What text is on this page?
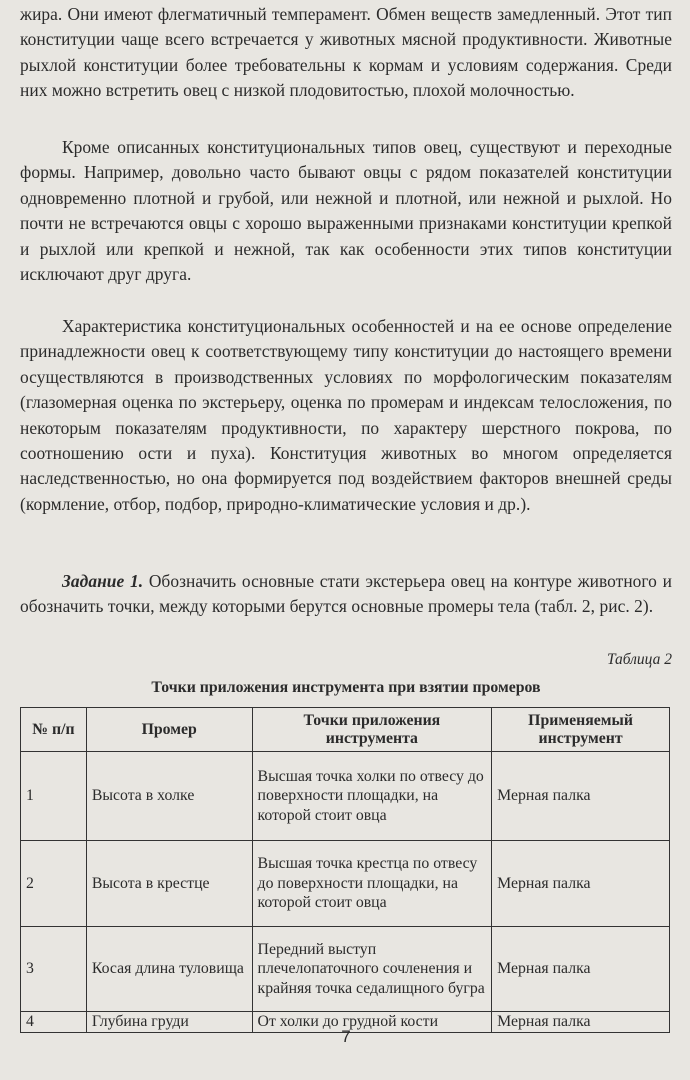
жира. Они имеют флегматичный темперамент. Обмен веществ замедленный. Этот тип конституции чаще всего встречается у животных мясной продуктивности. Животные рыхлой конституции более требовательны к кормам и условиям содержания. Среди них можно встретить овец с низкой плодовитостью, плохой молочностью.

Кроме описанных конституциональных типов овец, существуют и переходные формы. Например, довольно часто бывают овцы с рядом показателей конституции одновременно плотной и грубой, или нежной и плотной, или нежной и рыхлой. Но почти не встречаются овцы с хорошо выраженными признаками конституции крепкой и рыхлой или крепкой и нежной, так как особенности этих типов конституции исключают друг друга.

Характеристика конституциональных особенностей и на ее основе определение принадлежности овец к соответствующему типу конституции до настоящего времени осуществляются в производственных условиях по морфологическим показателям (глазомерная оценка по экстерьеру, оценка по промерам и индексам телосложения, по некоторым показателям продуктивности, по характеру шерстного покрова, по соотношению ости и пуха). Конституция животных во многом определяется наследственностью, но она формируется под воздействием факторов внешней среды (кормление, отбор, подбор, природно-климатические условия и др.).

Задание 1. Обозначить основные стати экстерьера овец на контуре животного и обозначить точки, между которыми берутся основные промеры тела (табл. 2, рис. 2).

Таблица 2

Точки приложения инструмента при взятии промеров

№ п/п	Промер	Точки приложения инструмента	Применяемый инструмент
1	Высота в холке	Высшая точка холки по отвесу до поверхности площадки, на которой стоит овца	Мерная палка
2	Высота в крестце	Высшая точка крестца по отвесу до поверхности площадки, на которой стоит овца	Мерная палка
3	Косая длина туловища	Передний выступ плечелопаточного сочленения и крайняя точка седалищного бугра	Мерная палка
4	Глубина груди	От холки до грудной кости	Мерная палка

7
